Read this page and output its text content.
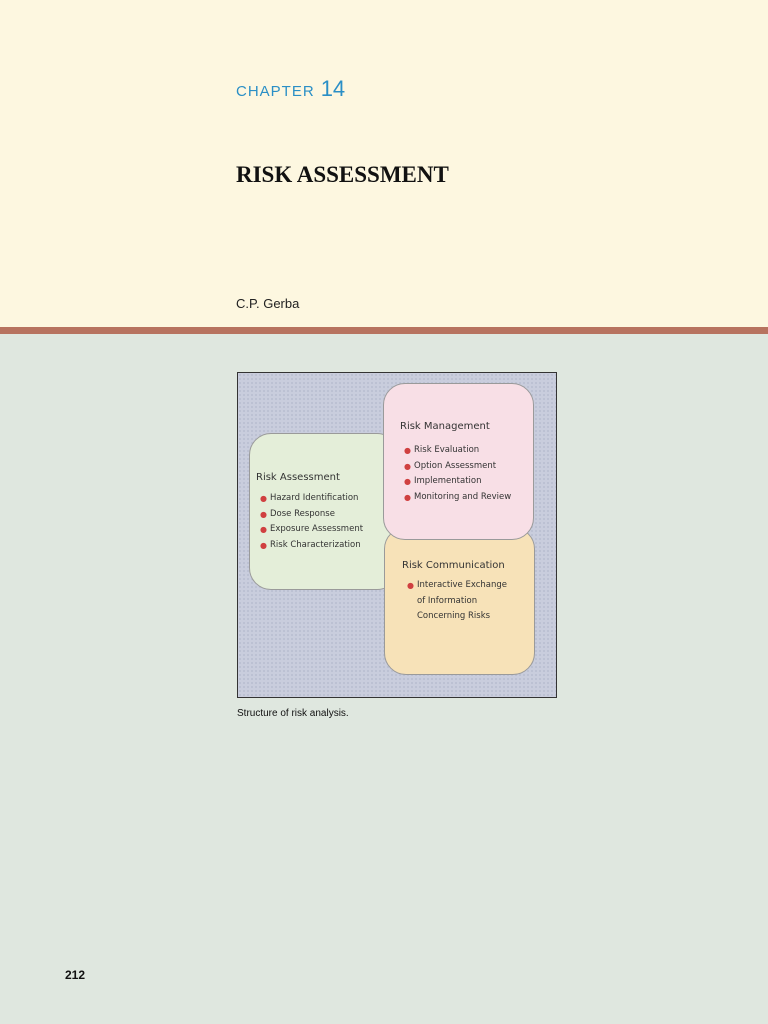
CHAPTER 14
RISK ASSESSMENT
C.P. Gerba
Risk Assessment
● Hazard Identification
● Dose Response
● Exposure Assessment
● Risk Characterization
Risk Communication
● Interactive Exchange
of Information
Concerning Risks
Risk Management
● Risk Evaluation
● Option Assessment
● Implementation
● Monitoring and Review
Structure of risk analysis.
212
